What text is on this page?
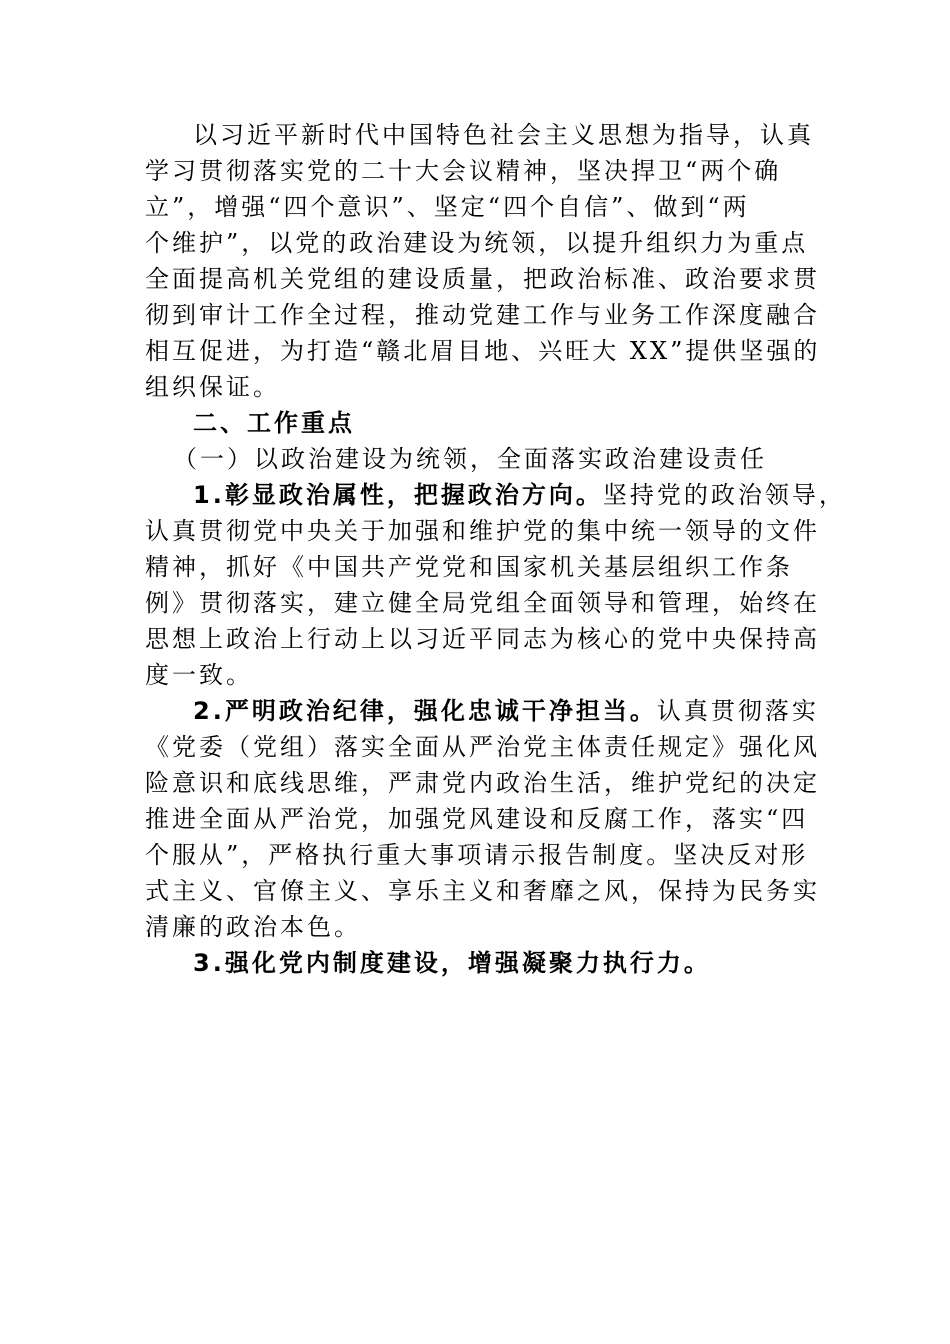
以习近平新时代中国特色社会主义思想为指导，认真
学习贯彻落实党的二十大会议精神，坚决捍卫“两个确
立”，增强“四个意识”、坚定“四个自信”、做到“两
个维护”，以党的政治建设为统领，以提升组织力为重点
全面提高机关党组的建设质量，把政治标准、政治要求贯
彻到审计工作全过程，推动党建工作与业务工作深度融合
相互促进，为打造“赣北眉目地、兴旺大 XX”提供坚强的
组织保证。
二、工作重点
（一）以政治建设为统领，全面落实政治建设责任
1.彰显政治属性，把握政治方向。坚持党的政治领导，
认真贯彻党中央关于加强和维护党的集中统一领导的文件
精神，抓好《中国共产党党和国家机关基层组织工作条
例》贯彻落实，建立健全局党组全面领导和管理，始终在
思想上政治上行动上以习近平同志为核心的党中央保持高
度一致。
2.严明政治纪律，强化忠诚干净担当。认真贯彻落实
《党委（党组）落实全面从严治党主体责任规定》强化风
险意识和底线思维，严肃党内政治生活，维护党纪的决定
推进全面从严治党，加强党风建设和反腐工作，落实“四
个服从”，严格执行重大事项请示报告制度。坚决反对形
式主义、官僚主义、享乐主义和奢靡之风，保持为民务实
清廉的政治本色。
3.强化党内制度建设，增强凝聚力执行力。
